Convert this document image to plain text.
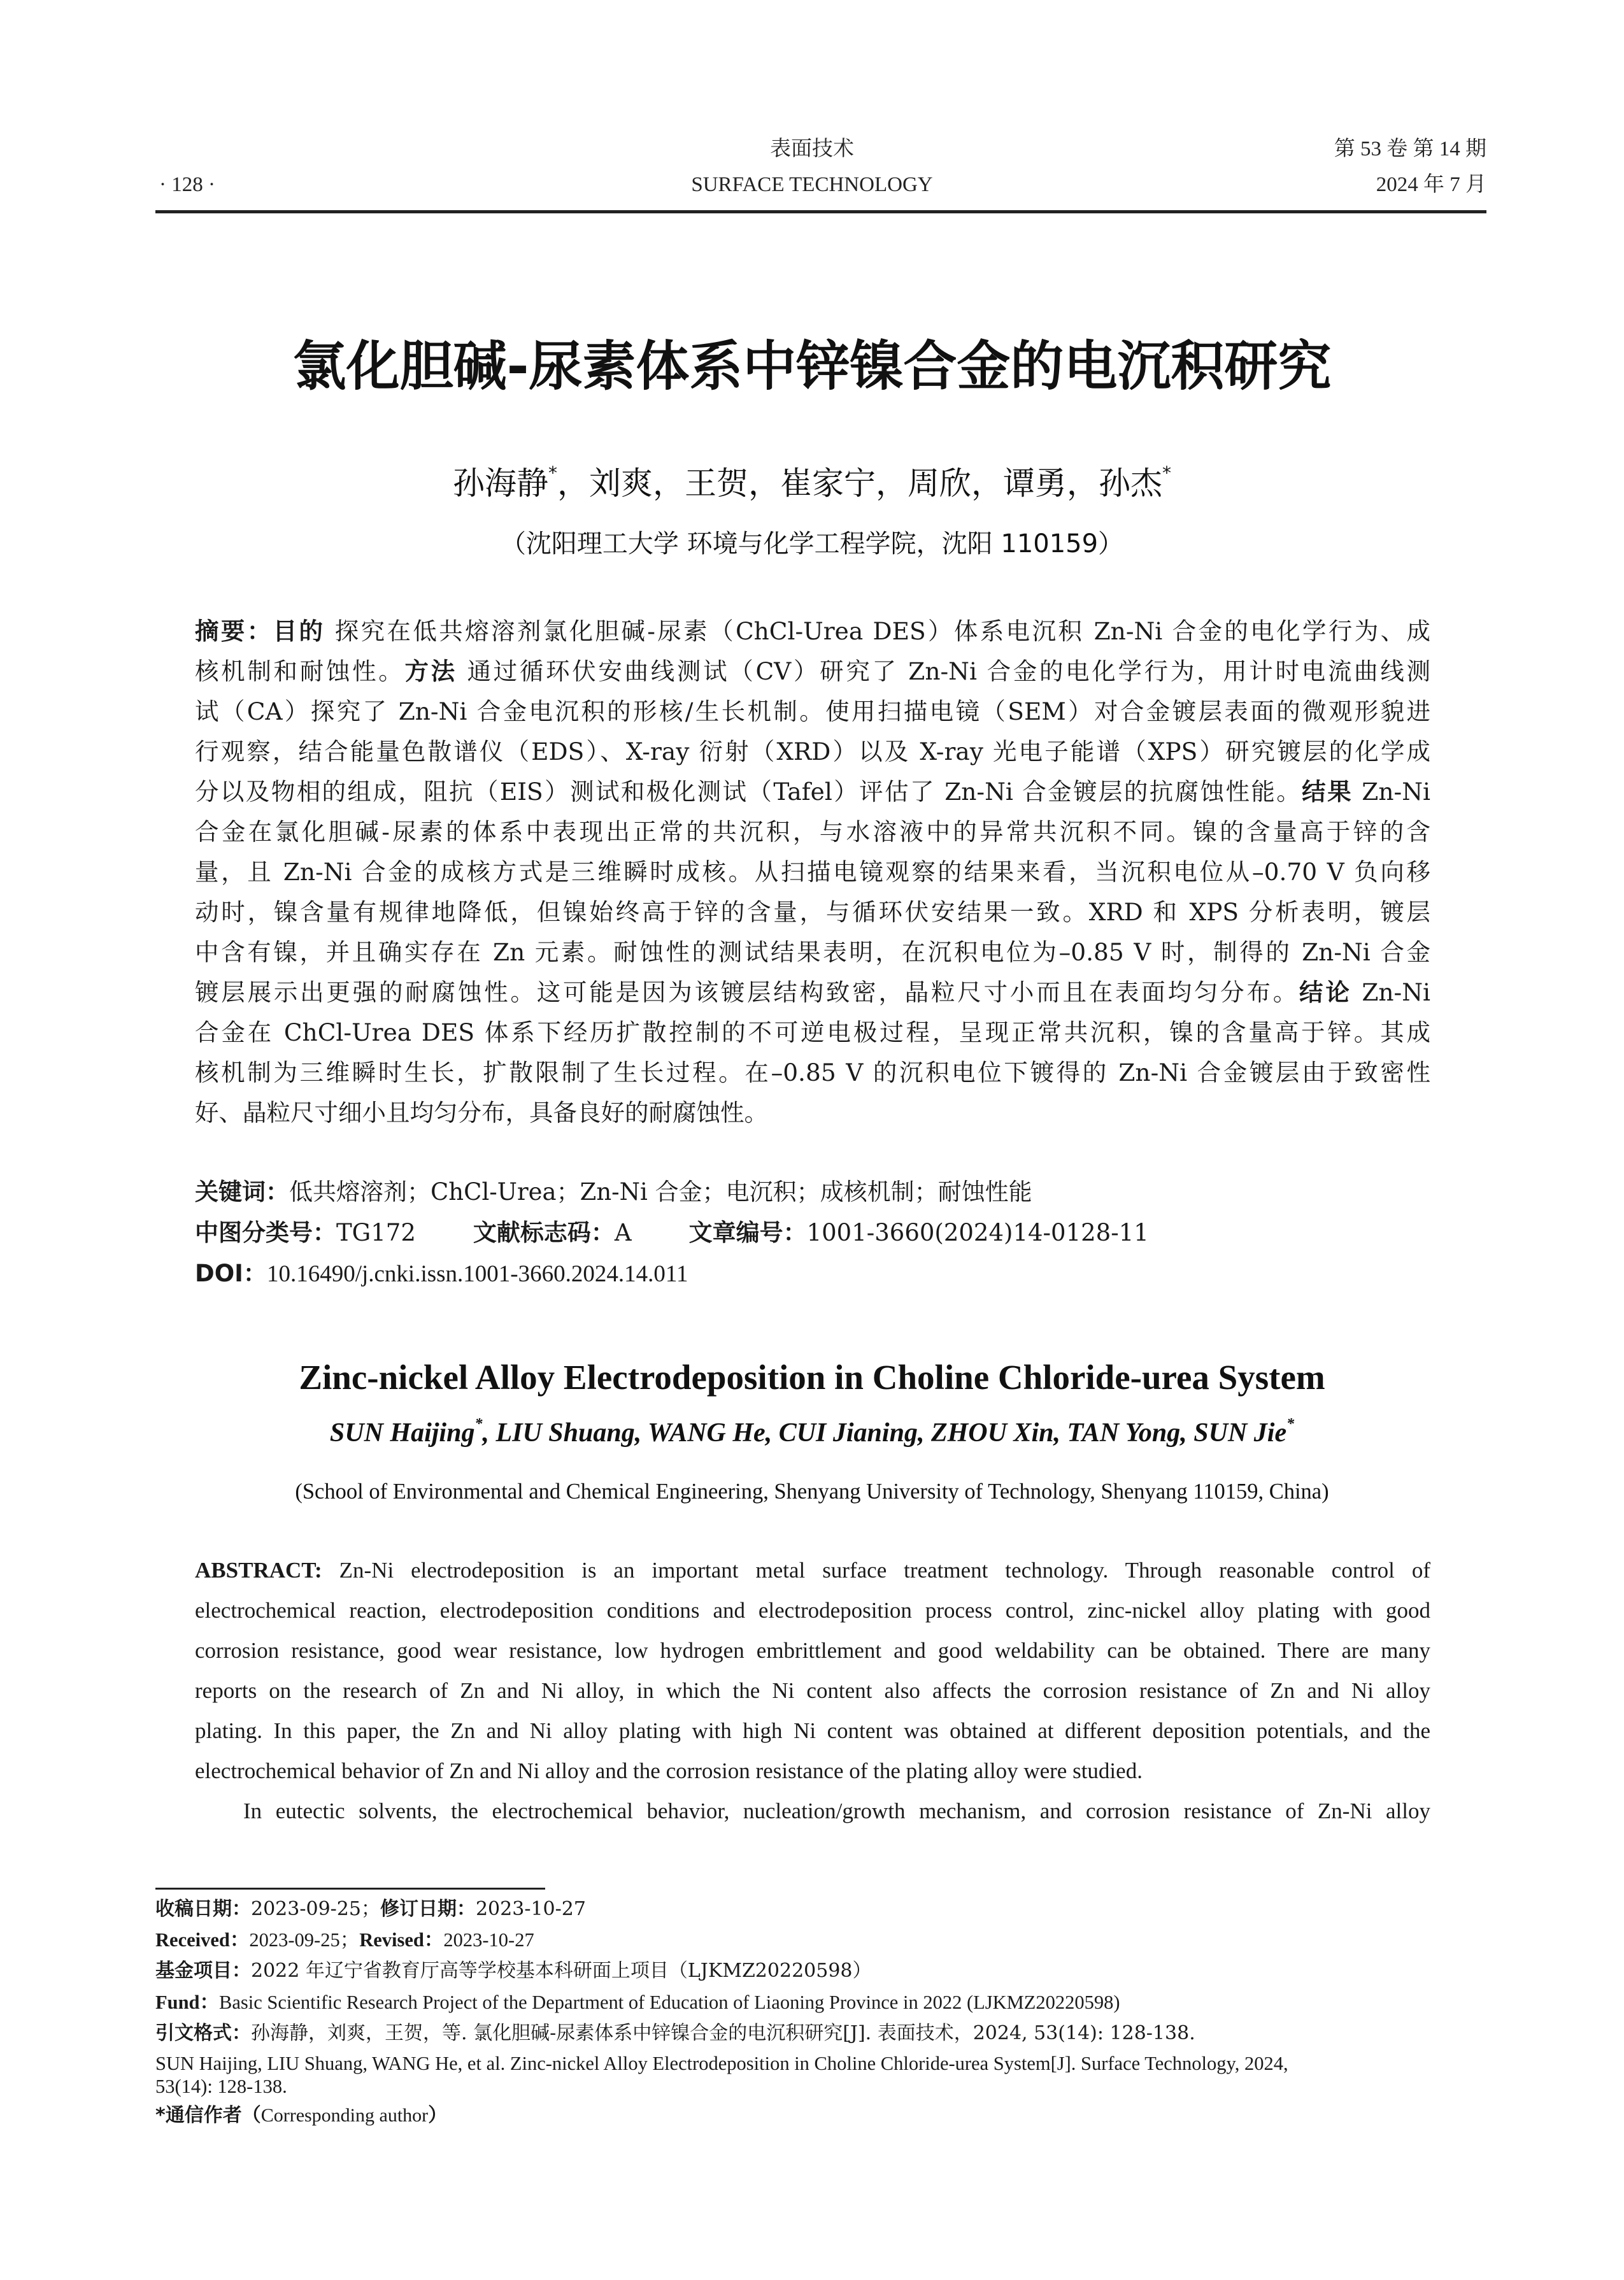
表面技术	第 53 卷 第 14 期
· 128 ·	SURFACE TECHNOLOGY	2024 年 7 月
氯化胆碱-尿素体系中锌镍合金的电沉积研究
孙海静*，刘爽，王贺，崔家宁，周欣，谭勇，孙杰*
（沈阳理工大学 环境与化学工程学院，沈阳 110159）
摘要：目的 探究在低共熔溶剂氯化胆碱-尿素（ChCl-Urea DES）体系电沉积 Zn-Ni 合金的电化学行为、成
核机制和耐蚀性。方法 通过循环伏安曲线测试（CV）研究了 Zn-Ni 合金的电化学行为，用计时电流曲线测
试（CA）探究了 Zn-Ni 合金电沉积的形核/生长机制。使用扫描电镜（SEM）对合金镀层表面的微观形貌进
行观察，结合能量色散谱仪（EDS）、X-ray 衍射（XRD）以及 X-ray 光电子能谱（XPS）研究镀层的化学成
分以及物相的组成，阻抗（EIS）测试和极化测试（Tafel）评估了 Zn-Ni 合金镀层的抗腐蚀性能。结果 Zn-Ni
合金在氯化胆碱-尿素的体系中表现出正常的共沉积，与水溶液中的异常共沉积不同。镍的含量高于锌的含
量，且 Zn-Ni 合金的成核方式是三维瞬时成核。从扫描电镜观察的结果来看，当沉积电位从–0.70 V 负向移
动时，镍含量有规律地降低，但镍始终高于锌的含量，与循环伏安结果一致。XRD 和 XPS 分析表明，镀层
中含有镍，并且确实存在 Zn 元素。耐蚀性的测试结果表明，在沉积电位为–0.85 V 时，制得的 Zn-Ni 合金
镀层展示出更强的耐腐蚀性。这可能是因为该镀层结构致密，晶粒尺寸小而且在表面均匀分布。结论 Zn-Ni
合金在 ChCl-Urea DES 体系下经历扩散控制的不可逆电极过程，呈现正常共沉积，镍的含量高于锌。其成
核机制为三维瞬时生长，扩散限制了生长过程。在–0.85 V 的沉积电位下镀得的 Zn-Ni 合金镀层由于致密性
好、晶粒尺寸细小且均匀分布，具备良好的耐腐蚀性。
关键词：低共熔溶剂；ChCl-Urea；Zn-Ni 合金；电沉积；成核机制；耐蚀性能
中图分类号：TG172 文献标志码：A 文章编号：1001-3660(2024)14-0128-11
DOI：10.16490/j.cnki.issn.1001-3660.2024.14.011
Zinc-nickel Alloy Electrodeposition in Choline Chloride-urea System
SUN Haijing*, LIU Shuang, WANG He, CUI Jianing, ZHOU Xin, TAN Yong, SUN Jie*
(School of Environmental and Chemical Engineering, Shenyang University of Technology, Shenyang 110159, China)
ABSTRACT: Zn-Ni electrodeposition is an important metal surface treatment technology. Through reasonable control of
electrochemical reaction, electrodeposition conditions and electrodeposition process control, zinc-nickel alloy plating with good
corrosion resistance, good wear resistance, low hydrogen embrittlement and good weldability can be obtained. There are many
reports on the research of Zn and Ni alloy, in which the Ni content also affects the corrosion resistance of Zn and Ni alloy
plating. In this paper, the Zn and Ni alloy plating with high Ni content was obtained at different deposition potentials, and the
electrochemical behavior of Zn and Ni alloy and the corrosion resistance of the plating alloy were studied.
In eutectic solvents, the electrochemical behavior, nucleation/growth mechanism, and corrosion resistance of Zn-Ni alloy
收稿日期：2023-09-25；修订日期：2023-10-27
Received：2023-09-25；Revised：2023-10-27
基金项目：2022 年辽宁省教育厅高等学校基本科研面上项目（LJKMZ20220598）
Fund：Basic Scientific Research Project of the Department of Education of Liaoning Province in 2022 (LJKMZ20220598)
引文格式：孙海静，刘爽，王贺，等. 氯化胆碱-尿素体系中锌镍合金的电沉积研究[J]. 表面技术，2024, 53(14): 128-138.
SUN Haijing, LIU Shuang, WANG He, et al. Zinc-nickel Alloy Electrodeposition in Choline Chloride-urea System[J]. Surface Technology, 2024,
53(14): 128-138.
*通信作者（Corresponding author）
